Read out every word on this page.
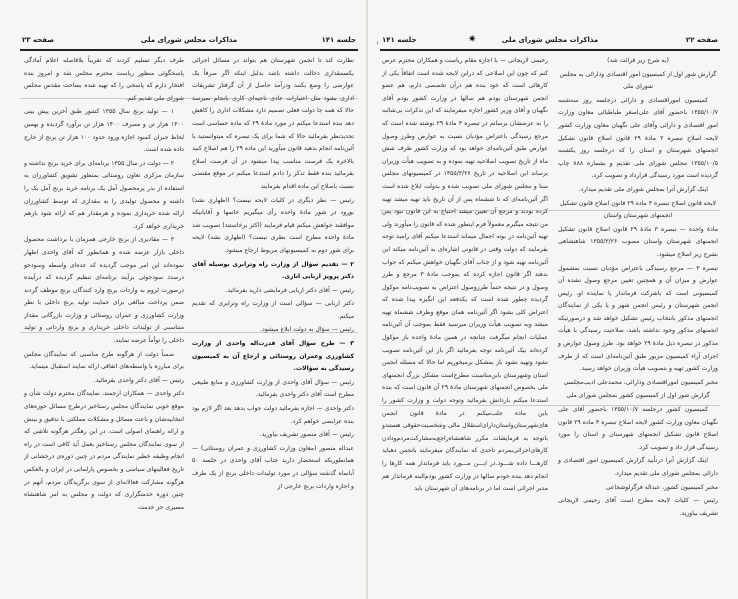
جلسه ۱۴۱
مذاکرات مجلس شورای ملی
صفحه ۲۳

نظارت کند تا انجمن شهرستان هم بتواند در مسائل اجرائی یکسمقداری دخالت داشته باشد بدلیل اینکه اگر صرفاً یک عوارضی را وضع بکنند ودرآمد حاصل از آن گرفتار تشریفات اداری بشود مثل اعتبارات عادی ناحیه‌ای کاری بانجام نمیرسد حالا که همه جا دولت فعلی تصمیم دارد مشکلات اداری را کاهش دهد بنده استدعا میکنم در مورد مادهٔ ۲۹ که ماده حساسی است تجدیدنظر بفرمائید حالا که شما برای یک تبصره که میتوانستید با آئین‌نامه انجام بدهید قانون میآورید این ماده ۲۹ را هم اصلاح کنید بالاخره یک فرصت مناسب پیدا میشود در آن فرصت اصلاح بفرمائید بنده فقط تذکر را دادم استدعا میکنم در موقع مقتضی نسبت باصلاح این ماده اقدام بفرمایند

رئیس — نظر دیگری در کلیات لایحه نیست؟ (اظهاری نشد) بورود در شور مادهٔ واحده رأی میگیریم خانمها و آقایانیکه موافقند خواهش میکنم قیام فرمایند (اکثر برخاستند) تصویب شد مادهٔ واحده مطرح است نظری نیست؟ (اظهاری نشد) لایحه برای شور دوم به کمیسیونهای مربوط ارجاع میشود.

۲ — تقدیم سؤال از وزارت راه وترابری بوسیله آقای دکتر پرویز اربابی اناری.

رئیس — آقای دکتر اربابی فرمایشی دارید بفرمائید.

دکتر اربابی — سؤالی است از وزارت راه وترابری که تقدیم میکنم.

رئیس — سؤال به دولت ابلاغ میشود.

۳ — طرح سؤال آقای قدرت‌اله واحدی از وزارت کشاورزی وعمران روستائی و ارجاع آن به کمیسیون رسیدگی به سؤالات.

رئیس — سؤال آقای واحدی از وزارت کشاورزی و منابع طبیعی مطرح است آقای دکتر واحدی بفرمائید.

دکتر واحدی — اجازه بفرمائید دولت جواب بدهد بعد اگر لازم بود بنده عرایضی خواهم کرد.

رئیس — آقای منصور تشریف بیاورید.

عبداله منصور (معاون وزارت کشاورزی و عمران روستائی) — همانطوریکه استحضار دارید جناب آقای واحدی در جلسه ۵۰ آبانماه گذشته سؤالی در مورد تولیدات داخلی برنج از یک طرف و اجازه واردات برنج خارجی از

طرف دیگر تسلیم کردند که تقریباً بلافاصله اعلام آمادگی پاسخگوئی منظور ریاست محترم مجلس شد و امروز بنده افتخار دارم که پاسخی را که تهیه شده بساحت مقدس مجلس شورای ملی تقدیم کنم.

۱ — تولید برنج سال ۱۳۵۵ کشور طبق آخرین پیش بینی ۱۳۰۰ هزار تن و مصرف ۱۴۰۰ هزار تن برآورد گردیده و بهمین لحاظ جبران کمبود اجازه ورود حدود ۱۰۰ هزار تن برنج از خارج داده شده است.

۲ — دولت در سال ۱۳۵۵ برنامه‌ای برای خرید برنج نداشته و سازمان مرکزی تعاون روستائی بمنظور تشویق کشاورزان به استفاده از بذر پرمحصول آمل یک برنامه خرید برنج آمل یک را داشته و محصول تولیدی را به مقداری که توسط کشاورزان ارائه شده خریداری نموده و هرمقدار هم که ارائه شود بازهم خریداری خواهد کرد.

۳ — مقادیری از برنج خارجی همزمان با برداشت محصول داخلی بازار عرضه شده و همانطور که آقای واحدی اظهار نموده‌اند این امر موجب گردیده که عده‌ای واسطه وسودجو درصدد سودجوئی برآیند برنامه‌ای تنظیم گردیده که درآینده درصورت لزوم به واردات برنج وارد کنندگان برنج موظف گردند ضمن پرداخت مبالغی برای حمایت تولید برنج داخلی با نظر وزارت کشاورزی و عمران روستائی و وزارت بازرگانی مقدار متناسبی از تولیدات داخلی خریداری و برنج وارداتی و تولید داخلی را توأماً عرضه نمایند.

ضمناً دولت از هرگونه طرح مناسبی که نمایندگان مجلس برای مبارزه با واسطه‌های اتفاقی ارائه نمایند استقبال مینماید.

رئیس — آقای دکتر واحدی بفرمائید.

دکتر واحدی — همکاران ارجمند، نمایندگان محترم دولت شأن و موقع خوبی نمایندگان مجلس رستاخیز درطرح مسائل حوزه‌های انتخابیه‌شان و باعث مسائل و مشکلات مملکتی با تدقیق و بینش و ارائه راهنمای اصولی است. در این رهگذر هرگونه تلاشی که از سوی نمایندگان مجلس رستاخیز بعمل آید کافی است در راه انجام وظیفه خطیر نمایندگی مردم در چنین دوره‌ی درخشانی از تاریخ فعالیتهای سیاسی و بخصوص پارلمانی در ایران و بالعکس هرگونه مشارکت فعالانه‌ای از سوی برگزیدگان مردم، آنهم در چنین دوره خدمتگزاری که دولت و مجلس به امر شاهنشاه مسیری جز خدمت

صفحه ۲۲
مذاکرات مجلس شورای ملی
جلسه ۱۴۱	✷

(به شرح زیر قرائت شد)

گزارش شور اول از کمیسیون امور اقتصادی ودارائی به مجلس شورای ملی

کمیسیون اموراقتصادی و دارائی درجلسه روز سه‌شنبه ۱۳۵۵/۱۰/۷ باحضور آقای علی‌اصغر طباطبائی معاون وزارت امور اقتصادی و دارائی وآقای علی نگهبان معاون وزارت کشور لایحه اصلاح تبصره ۳ مادهٔ ۲۹ قانون اصلاح قانون تشکیل انجمنهای شهرستان و استان را که درجلسه روز یکشنبه ۱۳۵۵/۱۰/۵ مجلس شورای ملی تقدیم و بشماره ۸۸۸ چاپ گردیده است مورد رسیدگی قرارداد و تصویب کرد.

اینک گزارش آنرا بمجلس شورای ملی تقدیم میدارد.

لایحه قانون اصلاح تبصره ۳ ماده ۲۹ قانون اصلاح قانون تشکیل انجمنهای شهرستان واستان

مادهٔ واحده — تبصره ۳ مادهٔ ۲۹ قانون اصلاح قانون تشکیل انجمنهای شهرستان واستان مصوب ۱۳۵۵/۳/۲۶ شاهنشاهی بشرح زیر اصلاح میشود.

تبصره ۳ — مرجع رسیدگی باعتراض مؤدیان نسبت بمشمول عوارض و میزان آن و همچنین تعیین مرجع وصول نشده آن کمیسیونی است که باشرکت فرماندار یا نماینده او، رئیس انجمن شهرستان و رئیس انجمن شهر و یا یکی از نمایندگان انجمنهای مذکور بانتخاب رئیس تشکیل خواهد شد و درصورتیکه انجمنهای مذکور وجود نداشته باشد، صلاحیت رسیدگی با هیأت مذکور در تبصره ذیل مادهٔ ۲۹ خواهد بود. طرز وصول عوارض و اجرای آراء کمیسیون مزبور طبق آئین‌نامه‌ای است که از طرف وزارت کشور تهیه و بتصویب هیأت وزیران خواهد رسید.

مخبر کمیسیون اموراقتصادی ودارائی، محمدعلی ادیب‌مجلسی

گزارش شور اول از کمیسیون کشور بمجلس شورای ملی

کمیسیون کشور درجلسه ۱۳۵۵/۱۰/۷ باحضور آقای علی نگهبان معاون وزارت کشور لایحه اصلاح تبصره ۳ ماده ۲۹ قانون اصلاح قانون تشکیل انجمنهای شهرستان و استان را مورد رسیدگی قرار داد و تصویب کرد.

اینک گزارش آنرا درتأیید گزارش کمیسیون امور اقتصادی و دارائی بمجلس شورای ملی تقدیم میدارد.

مخبر کمیسیون کشور، عبداله فرگزلوشجاعی

رئیس — کلیات لایحه مطرح است آقای رحیمی لاریجانی تشریف بیاورید.

رحیمی لاریجانی — با اجازه مقام ریاست و همکاران محترم عرض کنم که چون این اصلاحی که دراین لایحه شده است اتفاقاً یکی از کارهائی است که خود بنده هم درآن تخصصی دارم، هم عضو انجمن شهرستان بودم هم سالها در وزارت کشور بودم آقای نگهبان و آقای وزیر کشور اجازه میفرمایند که این تذکرات بی‌شائبه را به عرضشان برسانم در تبصره ۳ مادهٔ ۲۹ نوشته شده است که مرجع رسیدگی باعتراض مؤدیان نسبت به عوارض وطرز وصول عوارض طبق آئین‌نامه‌ای خواهد بود که وزارت کشور ظرف شش ماه از تاریخ تصویب اصلاحیه تهیه نموده و به تصویب هیأت وزیران برساند این اصلاحیه در تاریخ ۱۳۵۵/۳/۲۶ در کمیسیونهای مجلس سنا و مجلس شورای ملی تصویب شده و بدولت ابلاغ شده است اگر آئین‌نامه‌ای که تا ششماه پس از آن تاریخ باید تهیه میشد تهیه کرده بودند و مرجع آن تعیین میشد احتیاج به این قانون نبود پس من نتیجه میگیرم معمولاً فرم اینطور شده که قانون را میآورند ولی تهیه آئین‌نامه در بوته اجمال میماند استدعا میکنم آقای رامبد توجه بفرمایند که دولت وقتی در قانونی اشاره‌ای به آئین‌نامه میکند این آئین‌نامه تهیه شود و از جناب آقای نگهبان خواهش میکنم که جواب بدهند اگر قانون اجازه کرده که بموجب مادهٔ ۳ مرجع و طرز وصول و در نتیجه حتماً طرزوصول اعتراض به تصویب‌نامه موکول گردیده چطور شده است که یکدفعه این انگیزه پیدا شده که اعتراض کلی بشود اگر آئین‌نامه همان موقع وظرف ششماه تهیه میشد وبه تصویب هیأت وزیران میرسید فقط بموجب آن آئین‌نامه عملیات انجام میگرفت چنانچه در همین مادهٔ واحده باز موکول کرده‌اند بیک آئین‌نامه توجه بفرمائید اگر باز این آئین‌نامه تصویب نشود وتهیه نشود باز بمشکل برمیخوریم اما حالا که مسئله انجمن استان وشهرستان باین‌مناسبت مطرح‌است مشکل بزرگ انجمنهای ملی بخصوص انجمنهای شهرستان مادهٔ ۲۹ آن قانون است که بنده استدعا میکنم باردانش بفرمائید وتوجه دولت و وزارت کشور را باین ماده جلب‌میکنم در مادهٔ قانون انجمن های‌شهرستان‌واستان‌دارای‌استقلال مالی وشخصیت‌حقوقی هستندو باتوجه به فرمایشات مکرر شاهنشاه‌راجع‌به‌مشارکت‌مردم‌ودادن کارهای‌اجرائی‌بمردم تاحدی که نمایندگان میفرمایند بانجمن دهباید کارهـــا داده شـــود.در ایـــن مـــورد باید فرماندار همه کارها را انجام دهد بنده خودم سالها در وزارت کشور بودم‌البته فرماندار هم مدیر اجرائی است اما در برنامه‌های آن شهرستان باید

۱
